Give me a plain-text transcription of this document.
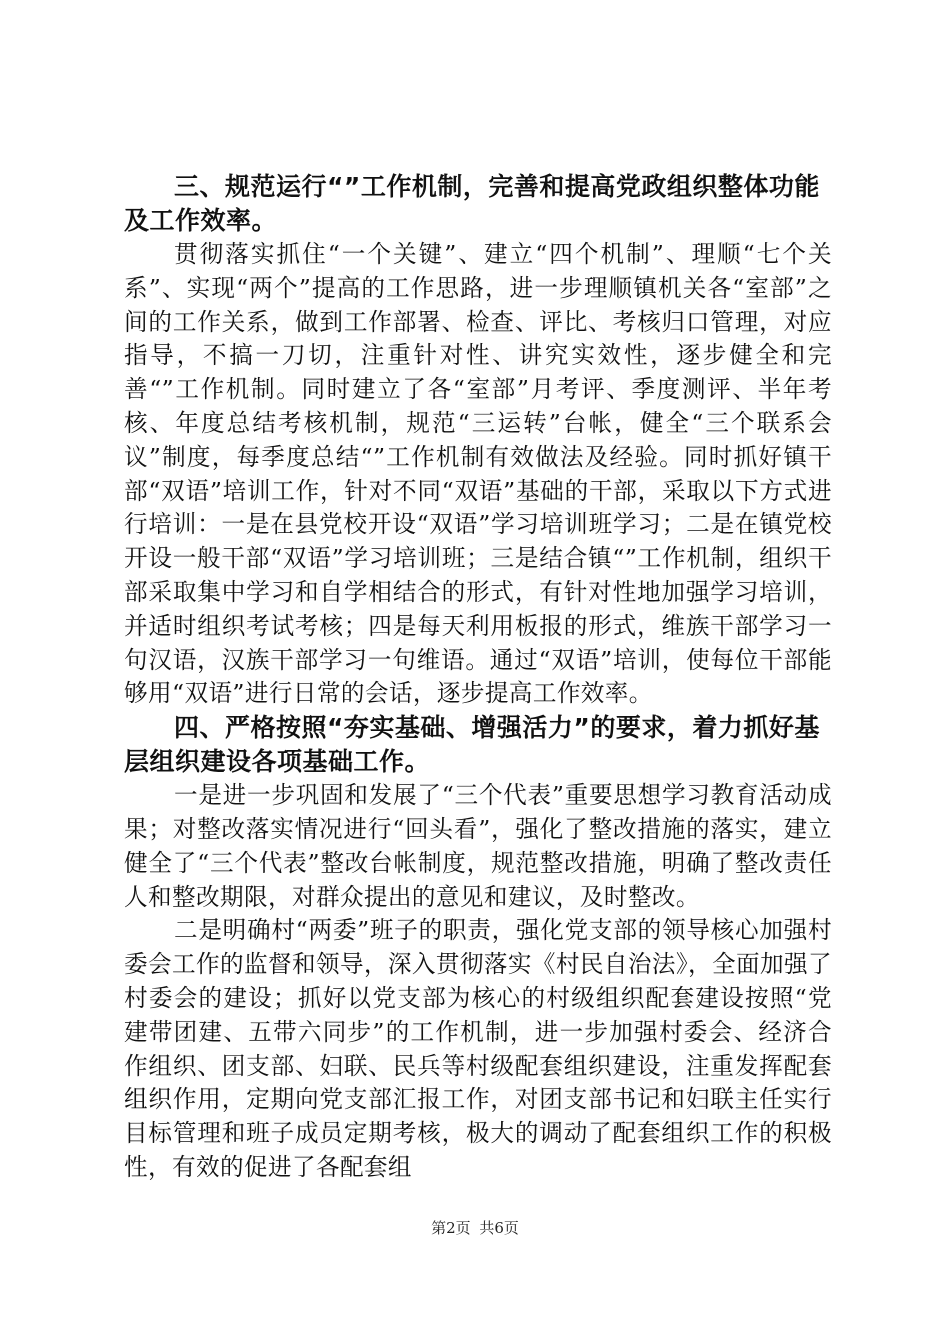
三、规范运行“”工作机制，完善和提高党政组织整体功能及工作效率。

贯彻落实抓住“一个关键”、建立“四个机制”、理顺“七个关系”、实现“两个”提高的工作思路，进一步理顺镇机关各“室部”之间的工作关系，做到工作部署、检查、评比、考核归口管理，对应指导，不搞一刀切，注重针对性、讲究实效性，逐步健全和完善“”工作机制。同时建立了各“室部”月考评、季度测评、半年考核、年度总结考核机制，规范“三运转”台帐，健全“三个联系会议”制度，每季度总结“”工作机制有效做法及经验。同时抓好镇干部“双语”培训工作，针对不同“双语”基础的干部，采取以下方式进行培训：一是在县党校开设“双语”学习培训班学习；二是在镇党校开设一般干部“双语”学习培训班；三是结合镇“”工作机制，组织干部采取集中学习和自学相结合的形式，有针对性地加强学习培训，并适时组织考试考核；四是每天利用板报的形式，维族干部学习一句汉语，汉族干部学习一句维语。通过“双语”培训，使每位干部能够用“双语”进行日常的会话，逐步提高工作效率。

四、严格按照“夯实基础、增强活力”的要求，着力抓好基层组织建设各项基础工作。

一是进一步巩固和发展了“三个代表”重要思想学习教育活动成果；对整改落实情况进行“回头看”，强化了整改措施的落实，建立健全了“三个代表”整改台帐制度，规范整改措施，明确了整改责任人和整改期限，对群众提出的意见和建议，及时整改。

二是明确村“两委”班子的职责，强化党支部的领导核心加强村委会工作的监督和领导，深入贯彻落实《村民自治法》，全面加强了村委会的建设；抓好以党支部为核心的村级组织配套建设按照“党建带团建、五带六同步”的工作机制，进一步加强村委会、经济合作组织、团支部、妇联、民兵等村级配套组织建设，注重发挥配套组织作用，定期向党支部汇报工作，对团支部书记和妇联主任实行目标管理和班子成员定期考核，极大的调动了配套组织工作的积极性，有效的促进了各配套组

第2页 共6页
